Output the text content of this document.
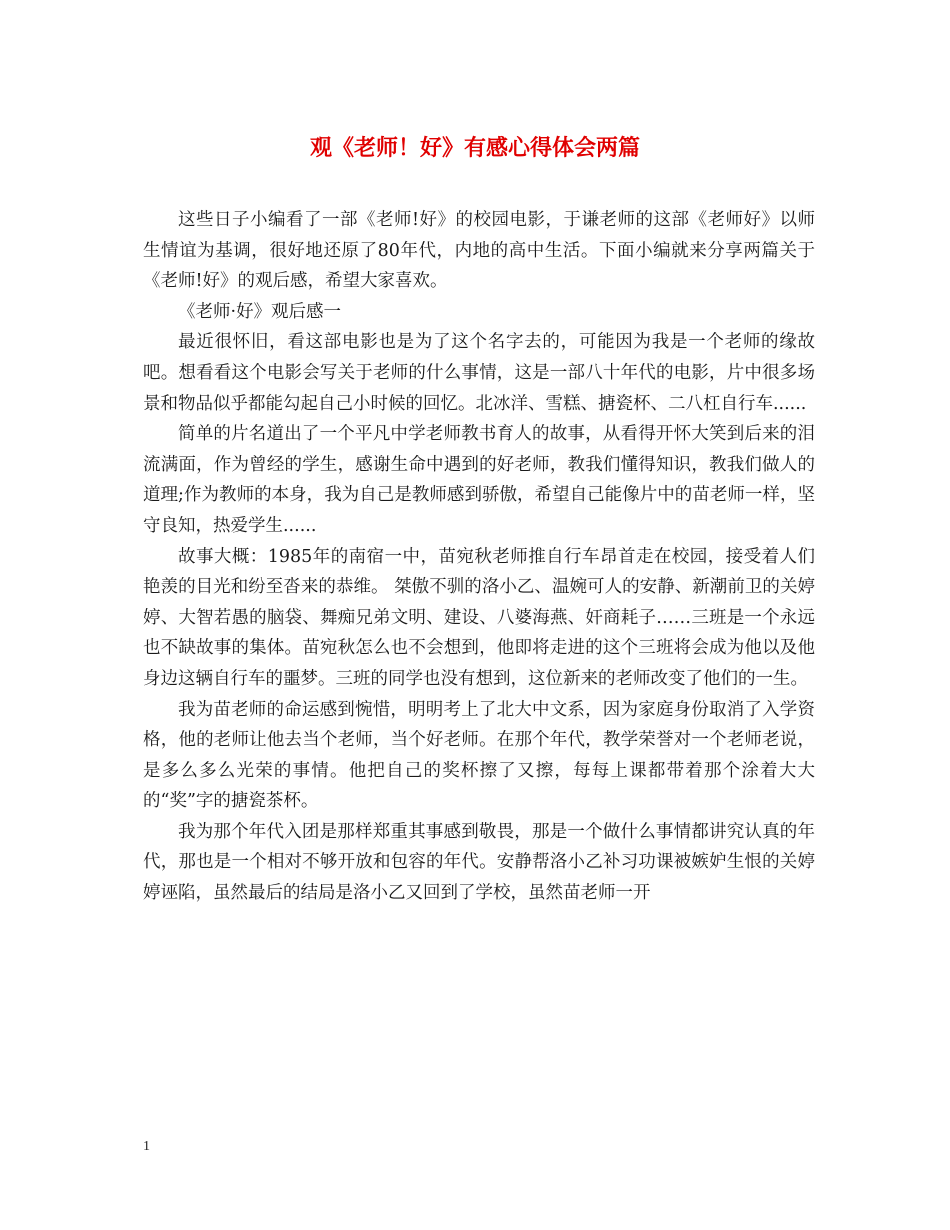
观《老师！好》有感心得体会两篇

这些日子小编看了一部《老师!好》的校园电影，于谦老师的这部《老师好》以师生情谊为基调，很好地还原了80年代，内地的高中生活。下面小编就来分享两篇关于《老师!好》的观后感，希望大家喜欢。

《老师·好》观后感一

最近很怀旧，看这部电影也是为了这个名字去的，可能因为我是一个老师的缘故吧。想看看这个电影会写关于老师的什么事情，这是一部八十年代的电影，片中很多场景和物品似乎都能勾起自己小时候的回忆。北冰洋、雪糕、搪瓷杯、二八杠自行车......

简单的片名道出了一个平凡中学老师教书育人的故事，从看得开怀大笑到后来的泪流满面，作为曾经的学生，感谢生命中遇到的好老师，教我们懂得知识，教我们做人的道理;作为教师的本身，我为自己是教师感到骄傲，希望自己能像片中的苗老师一样，坚守良知，热爱学生......

故事大概：1985年的南宿一中，苗宛秋老师推自行车昂首走在校园，接受着人们艳羡的目光和纷至沓来的恭维。 桀傲不驯的洛小乙、温婉可人的安静、新潮前卫的关婷婷、大智若愚的脑袋、舞痴兄弟文明、建设、八婆海燕、奸商耗子……三班是一个永远也不缺故事的集体。苗宛秋怎么也不会想到，他即将走进的这个三班将会成为他以及他身边这辆自行车的噩梦。三班的同学也没有想到，这位新来的老师改变了他们的一生。

我为苗老师的命运感到惋惜，明明考上了北大中文系，因为家庭身份取消了入学资格，他的老师让他去当个老师，当个好老师。在那个年代，教学荣誉对一个老师老说，是多么多么光荣的事情。他把自己的奖杯擦了又擦，每每上课都带着那个涂着大大的“奖”字的搪瓷茶杯。

我为那个年代入团是那样郑重其事感到敬畏，那是一个做什么事情都讲究认真的年代，那也是一个相对不够开放和包容的年代。安静帮洛小乙补习功课被嫉妒生恨的关婷婷诬陷，虽然最后的结局是洛小乙又回到了学校，虽然苗老师一开

1
